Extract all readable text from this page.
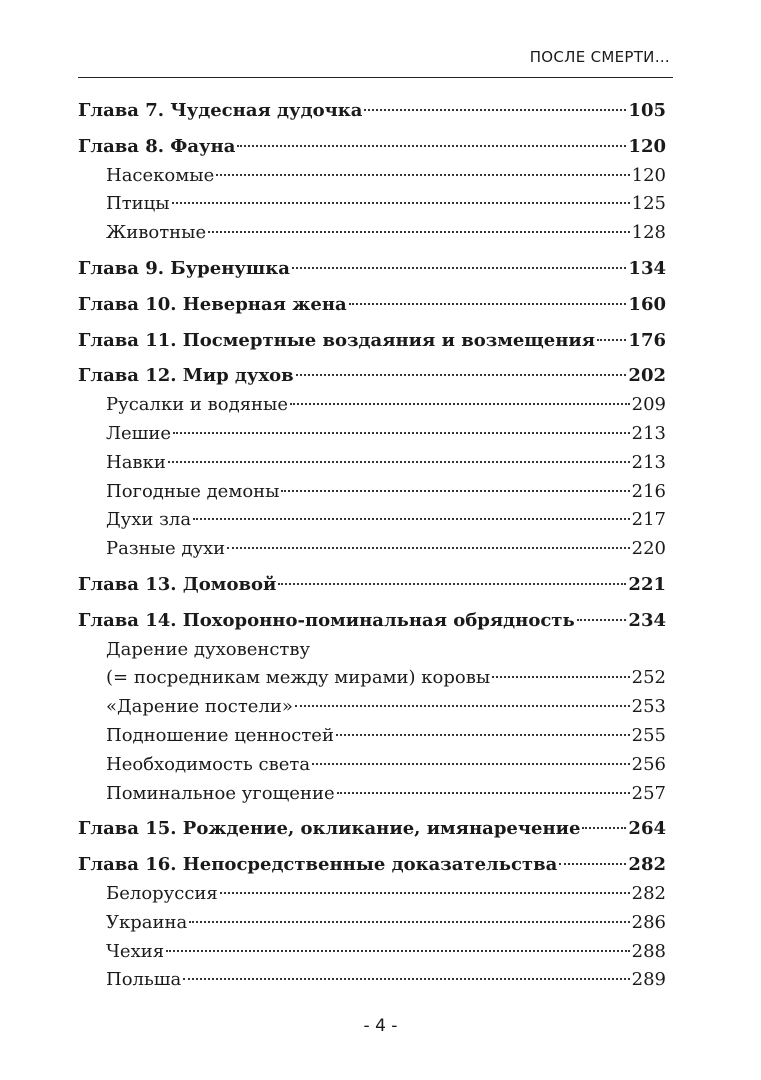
ПОСЛЕ СМЕРТИ…
Глава 7. Чудесная дудочка	105
Глава 8. Фауна	120
Насекомые	120
Птицы	125
Животные	128
Глава 9. Буренушка	134
Глава 10. Неверная жена	160
Глава 11. Посмертные воздаяния и возмещения 176
Глава 12. Мир духов	202
Русалки и водяные	209
Лешие	213
Навки	213
Погодные демоны	216
Духи зла	217
Разные духи	220
Глава 13. Домовой	221
Глава 14. Похоронно-поминальная обрядность	234
Дарение духовенству
(= посредникам между мирами) коровы	252
«Дарение постели»	253
Подношение ценностей	255
Необходимость света	256
Поминальное угощение	257
Глава 15. Рождение, окликание, имянаречение	264
Глава 16. Непосредственные доказательства	282
Белоруссия	282
Украина	286
Чехия	288
Польша	289
- 4 -
